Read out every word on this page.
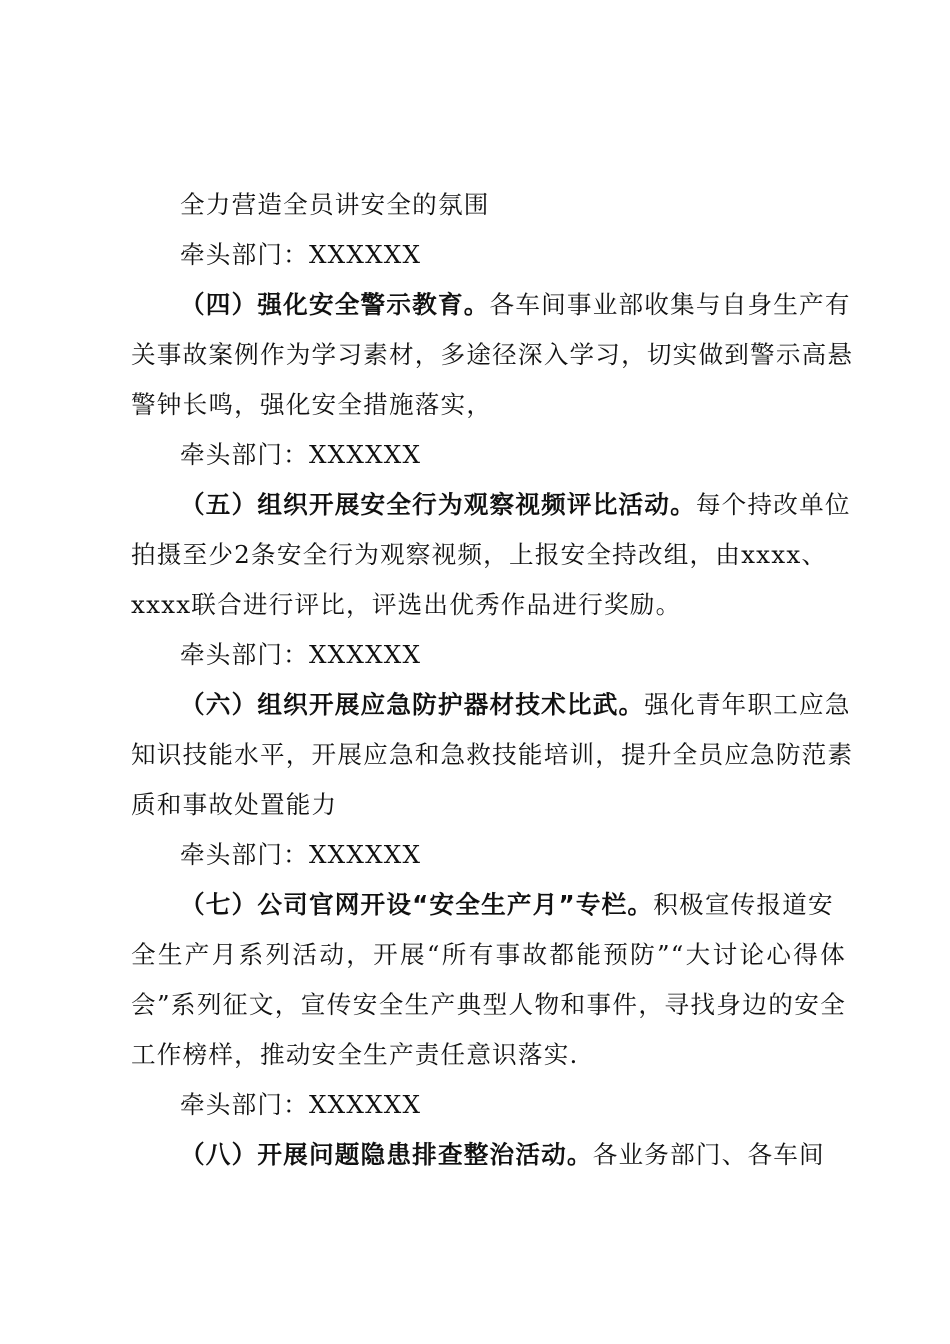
全力营造全员讲安全的氛围
牵头部门：XXXXXX
（四）强化安全警示教育。各车间事业部收集与自身生产有
关事故案例作为学习素材，多途径深入学习，切实做到警示高悬
警钟长鸣，强化安全措施落实，
牵头部门：XXXXXX
（五）组织开展安全行为观察视频评比活动。每个持改单位
拍摄至少2条安全行为观察视频，上报安全持改组，由xxxx、
xxxx联合进行评比，评选出优秀作品进行奖励。
牵头部门：XXXXXX
（六）组织开展应急防护器材技术比武。强化青年职工应急
知识技能水平，开展应急和急救技能培训，提升全员应急防范素
质和事故处置能力
牵头部门：XXXXXX
（七）公司官网开设“安全生产月”专栏。积极宣传报道安
全生产月系列活动，开展“所有事故都能预防”“大讨论心得体
会”系列征文，宣传安全生产典型人物和事件，寻找身边的安全
工作榜样，推动安全生产责任意识落实.
牵头部门：XXXXXX
（八）开展问题隐患排查整治活动。各业务部门、各车间
